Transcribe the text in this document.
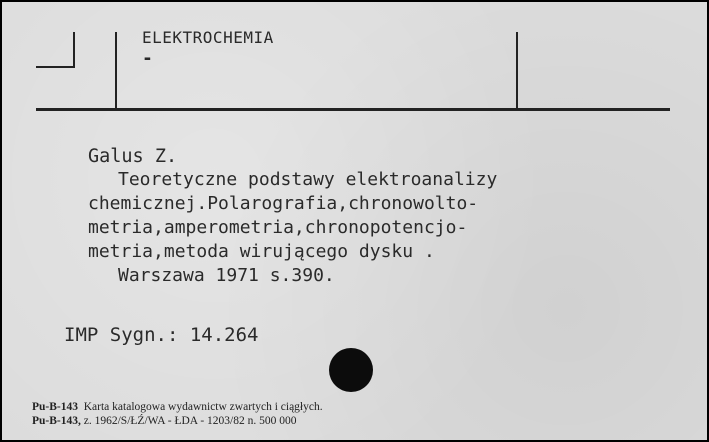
ELEKTROCHEMIA
-
Galus Z.
Teoretyczne podstawy elektroanalizy
chemicznej.Polarografia,chronowolto-
metria,amperometria,chronopotencjo-
metria,metoda wirującego dysku .
Warszawa 1971 s.390.
IMP Sygn.: 14.264
Pu-B-143 Karta katalogowa wydawnictw zwartych i ciągłych.
Pu-B-143, z. 1962/S/ŁŹ/WA - ŁDA - 1203/82 n. 500 000
